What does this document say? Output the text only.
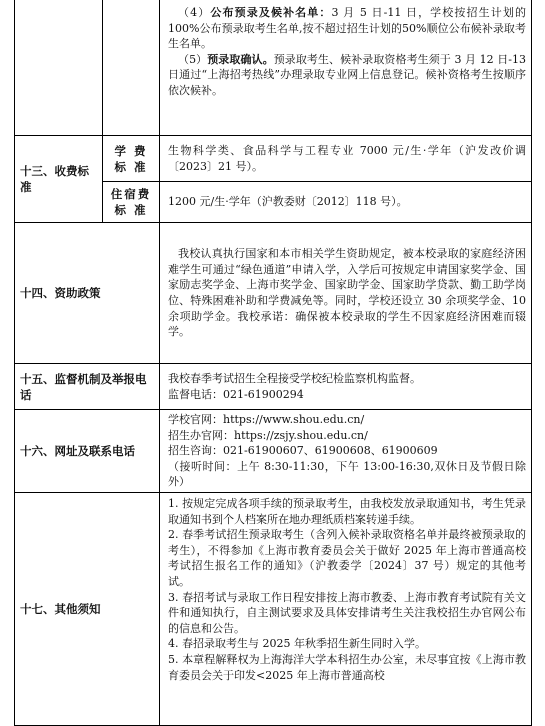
		（4）公布预录及候补名单：3 月 5 日-11 日，学校按招生计划的100%公布预录取考生名单,按不超过招生计划的50%顺位公布候补录取考生名单。

（5）预录取确认。预录取考生、候补录取资格考生须于 3 月 12 日-13 日通过“上海招考热线”办理录取专业网上信息登记。候补资格考生按顺序依次候补。

十三、收费标准	学 费 标 准	生物科学类、食品科学与工程专业 7000 元/生·学年（沪发改价调〔2023〕21 号）。
	住宿费标 准	1200 元/生·学年（沪教委财〔2012〕118 号）。
十四、资助政策		我校认真执行国家和本市相关学生资助规定，被本校录取的家庭经济困难学生可通过“绿色通道”申请入学，入学后可按规定申请国家奖学金、国家励志奖学金、上海市奖学金、国家助学金、国家助学贷款、勤工助学岗位、特殊困难补助和学费减免等。同时，学校还设立 30 余项奖学金、10 余项助学金。我校承诺：确保被本校录取的学生不因家庭经济困难而辍学。

十五、监督机制及举报电话		我校春季考试招生全程接受学校纪检监察机构监督。

监督电话：021-61900294

十六、网址及联系电话		学校官网：https://www.shou.edu.cn/

招生办官网：https://zsjy.shou.edu.cn/

招生咨询：021-61900607、61900608、61900609

（接听时间：上午 8:30-11:30，下午 13:00-16:30,双休日及节假日除外）

十七、其他须知		1. 按规定完成各项手续的预录取考生，由我校发放录取通知书，考生凭录取通知书到个人档案所在地办理纸质档案转递手续。

2. 春季考试招生预录取考生（含列入候补录取资格名单并最终被预录取的考生），不得参加《上海市教育委员会关于做好 2025 年上海市普通高校考试招生报名工作的通知》（沪教委学〔2024〕37 号）规定的其他考试。

3. 春招考试与录取工作日程安排按上海市教委、上海市教育考试院有关文件和通知执行，自主测试要求及具体安排请考生关注我校招生办官网公布的信息和公告。

4. 春招录取考生与 2025 年秋季招生新生同时入学。

5. 本章程解释权为上海海洋大学本科招生办公室，未尽事宜按《上海市教育委员会关于印发<2025 年上海市普通高校
